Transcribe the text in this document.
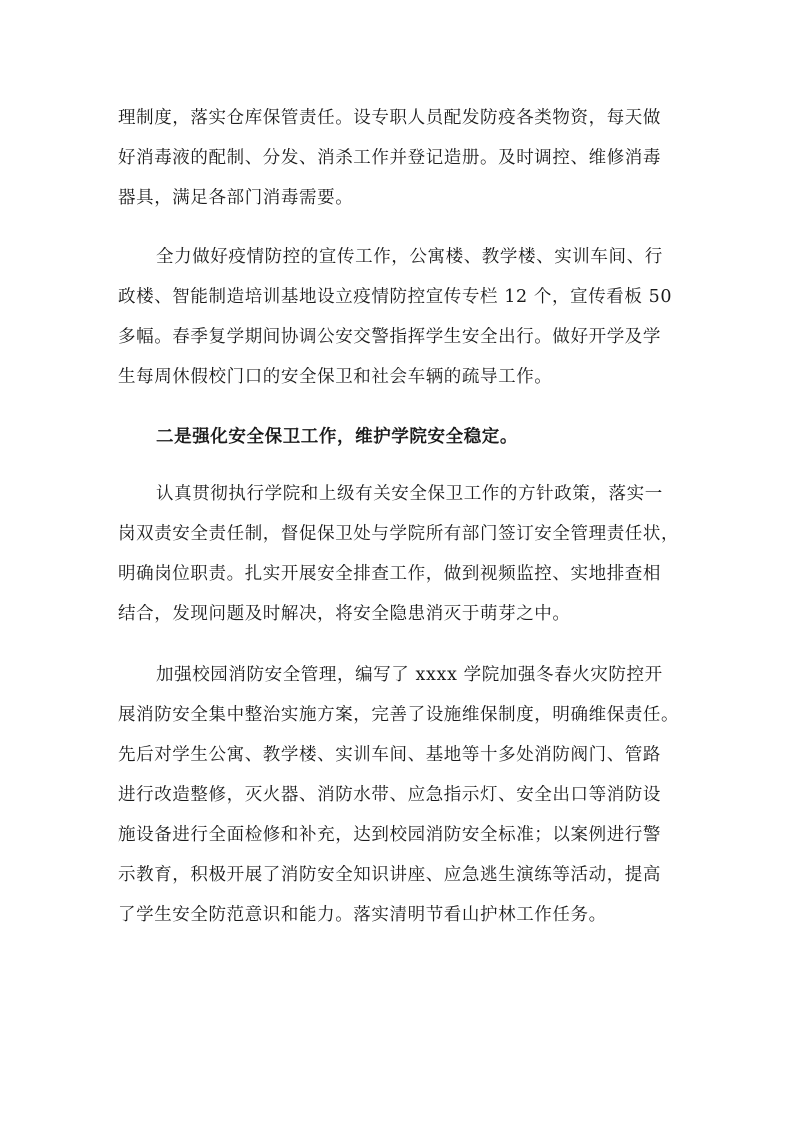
理制度，落实仓库保管责任。设专职人员配发防疫各类物资，每天做
好消毒液的配制、分发、消杀工作并登记造册。及时调控、维修消毒
器具，满足各部门消毒需要。
全力做好疫情防控的宣传工作，公寓楼、教学楼、实训车间、行
政楼、智能制造培训基地设立疫情防控宣传专栏 12 个，宣传看板 50
多幅。春季复学期间协调公安交警指挥学生安全出行。做好开学及学
生每周休假校门口的安全保卫和社会车辆的疏导工作。
二是强化安全保卫工作，维护学院安全稳定。
认真贯彻执行学院和上级有关安全保卫工作的方针政策，落实一
岗双责安全责任制，督促保卫处与学院所有部门签订安全管理责任状，
明确岗位职责。扎实开展安全排查工作，做到视频监控、实地排查相
结合，发现问题及时解决，将安全隐患消灭于萌芽之中。
加强校园消防安全管理，编写了 xxxx 学院加强冬春火灾防控开
展消防安全集中整治实施方案，完善了设施维保制度，明确维保责任。
先后对学生公寓、教学楼、实训车间、基地等十多处消防阀门、管路
进行改造整修，灭火器、消防水带、应急指示灯、安全出口等消防设
施设备进行全面检修和补充，达到校园消防安全标准；以案例进行警
示教育，积极开展了消防安全知识讲座、应急逃生演练等活动，提高
了学生安全防范意识和能力。落实清明节看山护林工作任务。
